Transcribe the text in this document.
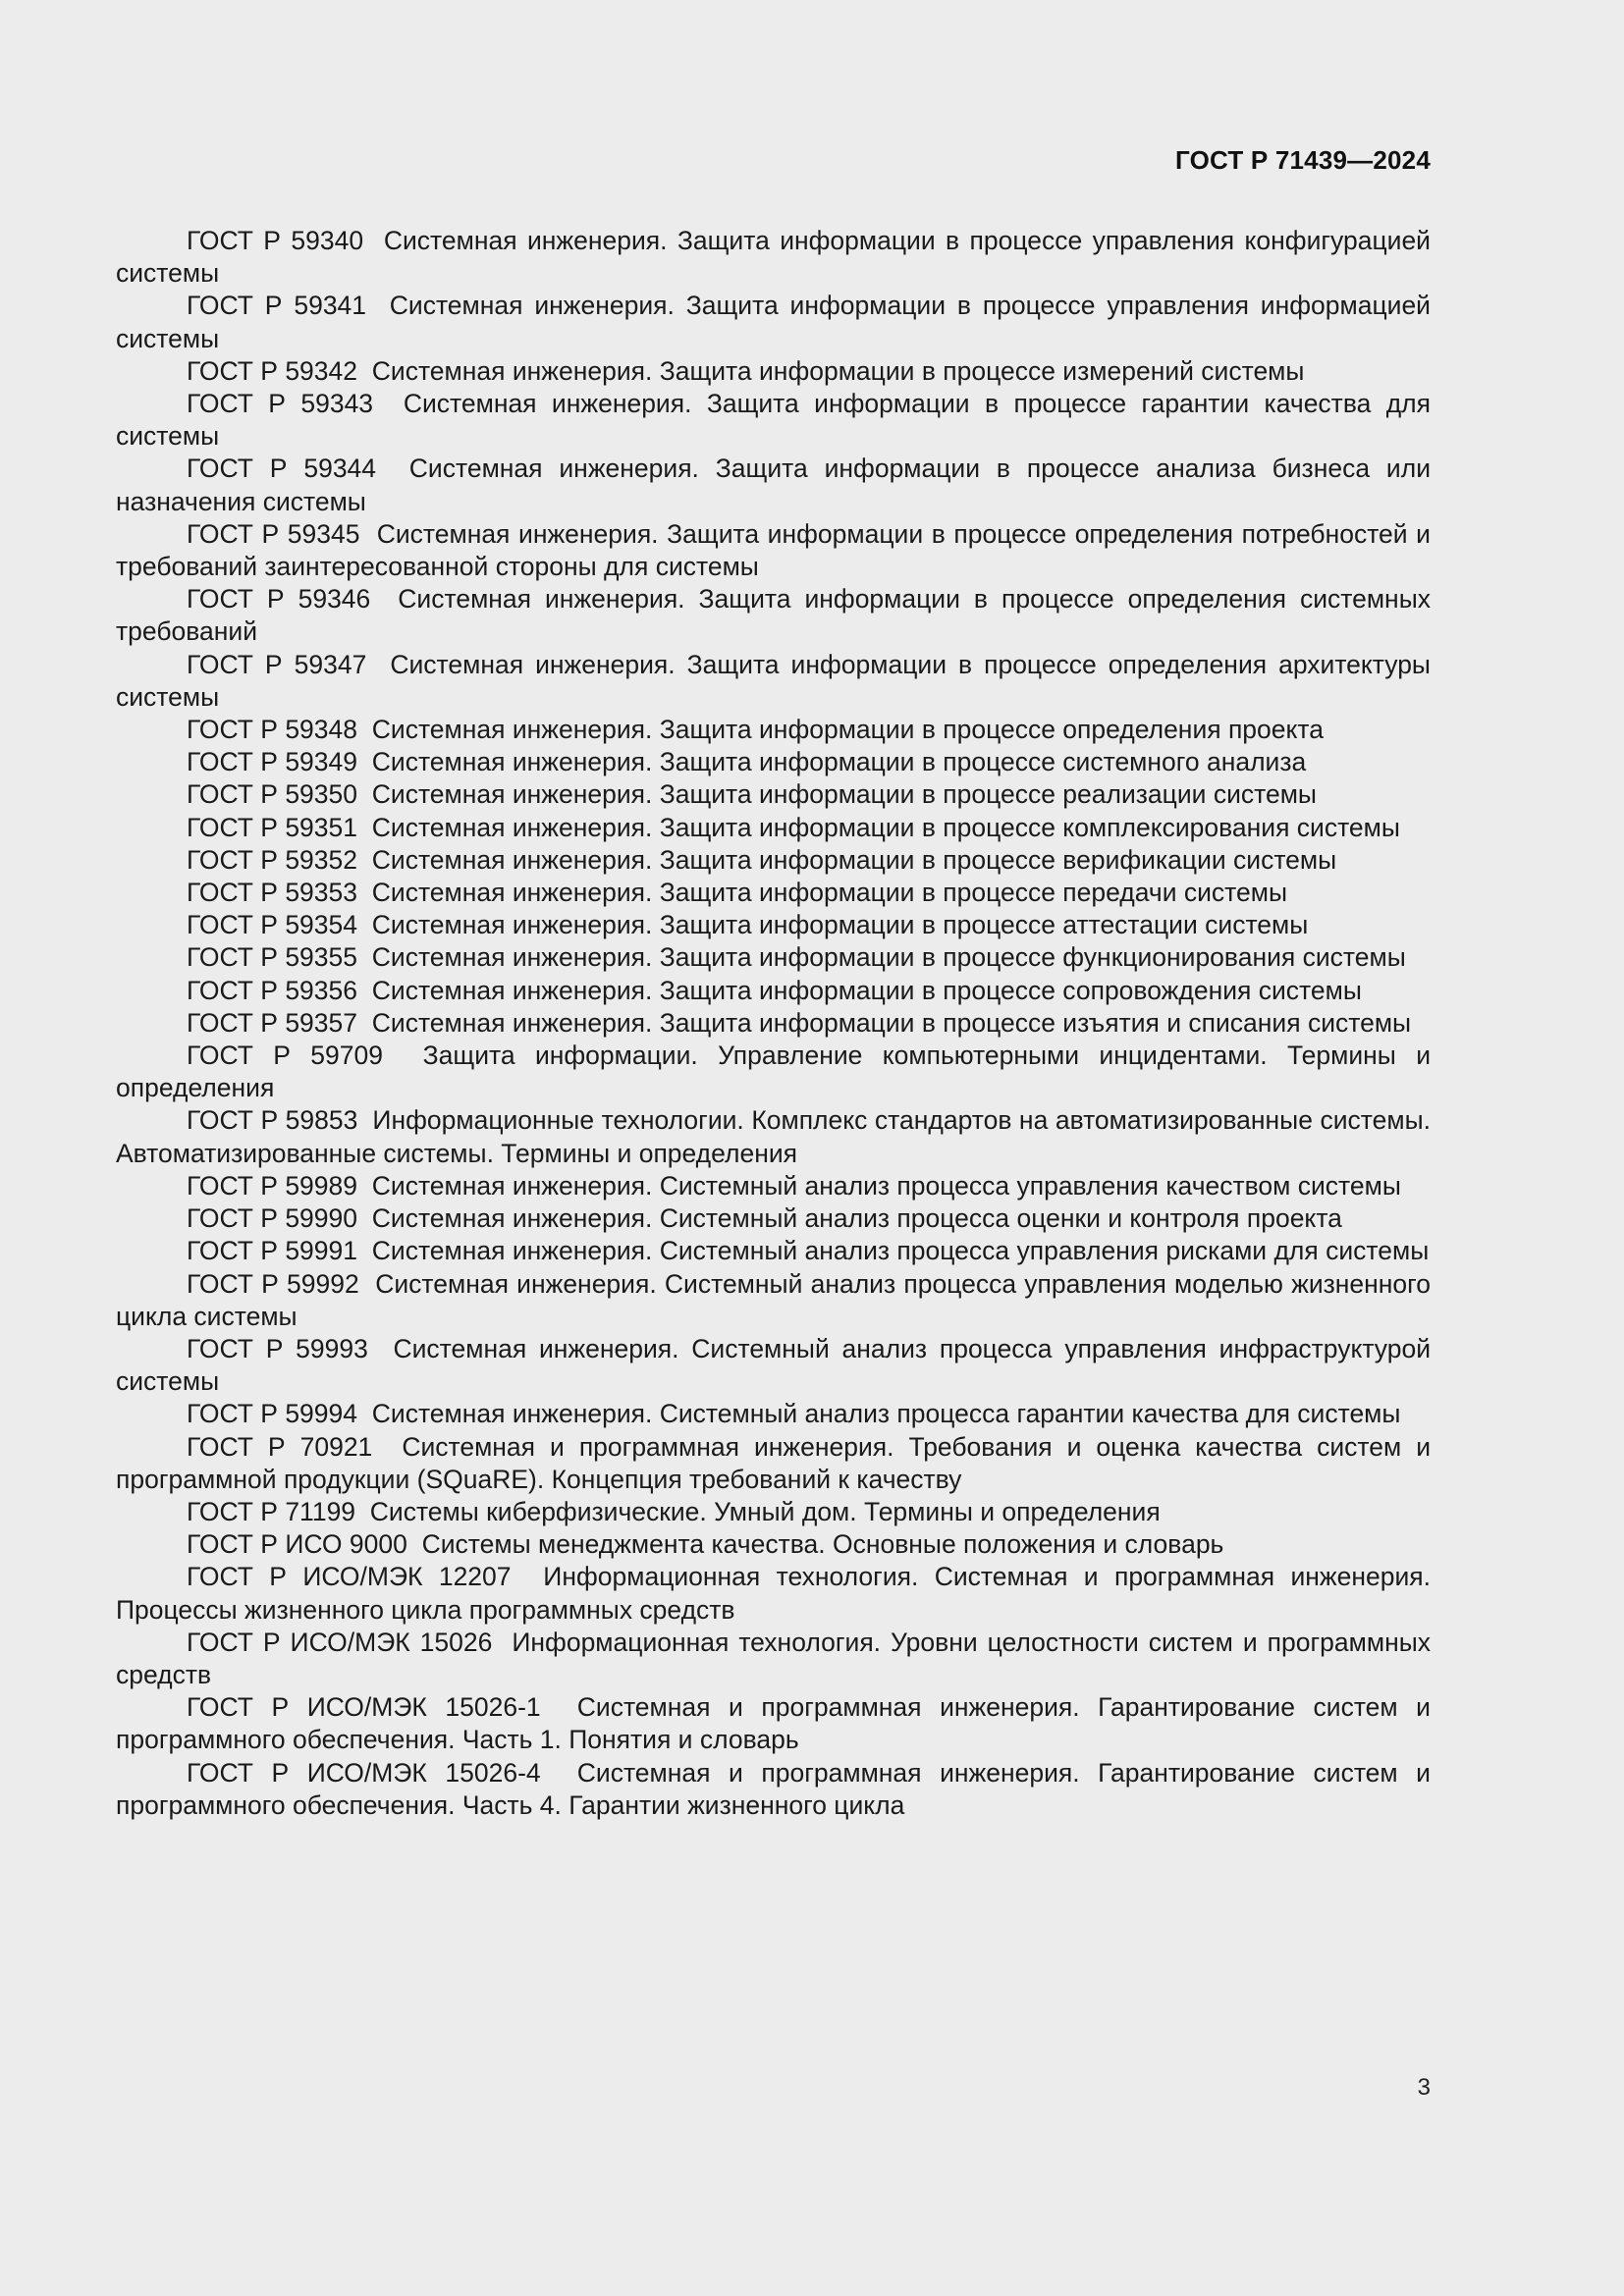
ГОСТ Р 71439—2024
ГОСТ Р 59340 Системная инженерия. Защита информации в процессе управления конфигурацией системы
ГОСТ Р 59341 Системная инженерия. Защита информации в процессе управления информацией системы
ГОСТ Р 59342 Системная инженерия. Защита информации в процессе измерений системы
ГОСТ Р 59343 Системная инженерия. Защита информации в процессе гарантии качества для системы
ГОСТ Р 59344 Системная инженерия. Защита информации в процессе анализа бизнеса или назначения системы
ГОСТ Р 59345 Системная инженерия. Защита информации в процессе определения потребностей и требований заинтересованной стороны для системы
ГОСТ Р 59346 Системная инженерия. Защита информации в процессе определения системных требований
ГОСТ Р 59347 Системная инженерия. Защита информации в процессе определения архитектуры системы
ГОСТ Р 59348 Системная инженерия. Защита информации в процессе определения проекта
ГОСТ Р 59349 Системная инженерия. Защита информации в процессе системного анализа
ГОСТ Р 59350 Системная инженерия. Защита информации в процессе реализации системы
ГОСТ Р 59351 Системная инженерия. Защита информации в процессе комплексирования системы
ГОСТ Р 59352 Системная инженерия. Защита информации в процессе верификации системы
ГОСТ Р 59353 Системная инженерия. Защита информации в процессе передачи системы
ГОСТ Р 59354 Системная инженерия. Защита информации в процессе аттестации системы
ГОСТ Р 59355 Системная инженерия. Защита информации в процессе функционирования системы
ГОСТ Р 59356 Системная инженерия. Защита информации в процессе сопровождения системы
ГОСТ Р 59357 Системная инженерия. Защита информации в процессе изъятия и списания системы
ГОСТ Р 59709 Защита информации. Управление компьютерными инцидентами. Термины и определения
ГОСТ Р 59853 Информационные технологии. Комплекс стандартов на автоматизированные системы. Автоматизированные системы. Термины и определения
ГОСТ Р 59989 Системная инженерия. Системный анализ процесса управления качеством системы
ГОСТ Р 59990 Системная инженерия. Системный анализ процесса оценки и контроля проекта
ГОСТ Р 59991 Системная инженерия. Системный анализ процесса управления рисками для системы
ГОСТ Р 59992 Системная инженерия. Системный анализ процесса управления моделью жизненного цикла системы
ГОСТ Р 59993 Системная инженерия. Системный анализ процесса управления инфраструктурой системы
ГОСТ Р 59994 Системная инженерия. Системный анализ процесса гарантии качества для системы
ГОСТ Р 70921 Системная и программная инженерия. Требования и оценка качества систем и программной продукции (SQuaRE). Концепция требований к качеству
ГОСТ Р 71199 Системы киберфизические. Умный дом. Термины и определения
ГОСТ Р ИСО 9000 Системы менеджмента качества. Основные положения и словарь
ГОСТ Р ИСО/МЭК 12207 Информационная технология. Системная и программная инженерия. Процессы жизненного цикла программных средств
ГОСТ Р ИСО/МЭК 15026 Информационная технология. Уровни целостности систем и программных средств
ГОСТ Р ИСО/МЭК 15026-1 Системная и программная инженерия. Гарантирование систем и программного обеспечения. Часть 1. Понятия и словарь
ГОСТ Р ИСО/МЭК 15026-4 Системная и программная инженерия. Гарантирование систем и программного обеспечения. Часть 4. Гарантии жизненного цикла
3
